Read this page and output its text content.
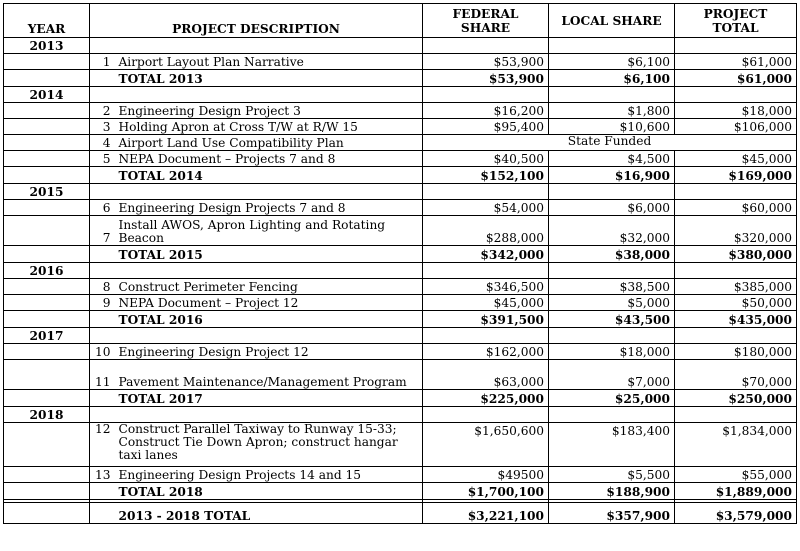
YEAR	PROJECT DESCRIPTION		FEDERAL SHARE	LOCAL SHARE	PROJECT TOTAL
2013					
	1	Airport Layout Plan Narrative	$53,900	$6,100	$61,000
		TOTAL 2013	$53,900	$6,100	$61,000
2014					
	2	Engineering Design Project 3	$16,200	$1,800	$18,000
	3	Holding Apron at Cross T/W at R/W 15	$95,400	$10,600	$106,000
	4	Airport Land Use Compatibility Plan	State Funded		
	5	NEPA Document – Projects 7 and 8	$40,500	$4,500	$45,000
		TOTAL 2014	$152,100	$16,900	$169,000
2015					
	6	Engineering Design Projects 7 and 8	$54,000	$6,000	$60,000
	7	Install AWOS, Apron Lighting and Rotating Beacon	$288,000	$32,000	$320,000
		TOTAL 2015	$342,000	$38,000	$380,000
2016					
	8	Construct Perimeter Fencing	$346,500	$38,500	$385,000
	9	NEPA Document – Project 12	$45,000	$5,000	$50,000
		TOTAL 2016	$391,500	$43,500	$435,000
2017					
	10	Engineering Design Project 12	$162,000	$18,000	$180,000
	11	Pavement Maintenance/Management Program	$63,000	$7,000	$70,000
		TOTAL 2017	$225,000	$25,000	$250,000
2018					
	12	Construct Parallel Taxiway to Runway 15-33; Construct Tie Down Apron; construct hangar taxi lanes	$1,650,600	$183,400	$1,834,000
	13	Engineering Design Projects 14 and 15	$49500	$5,500	$55,000
		TOTAL 2018	$1,700,100	$188,900	$1,889,000

		2013 - 2018 TOTAL	$3,221,100	$357,900	$3,579,000
